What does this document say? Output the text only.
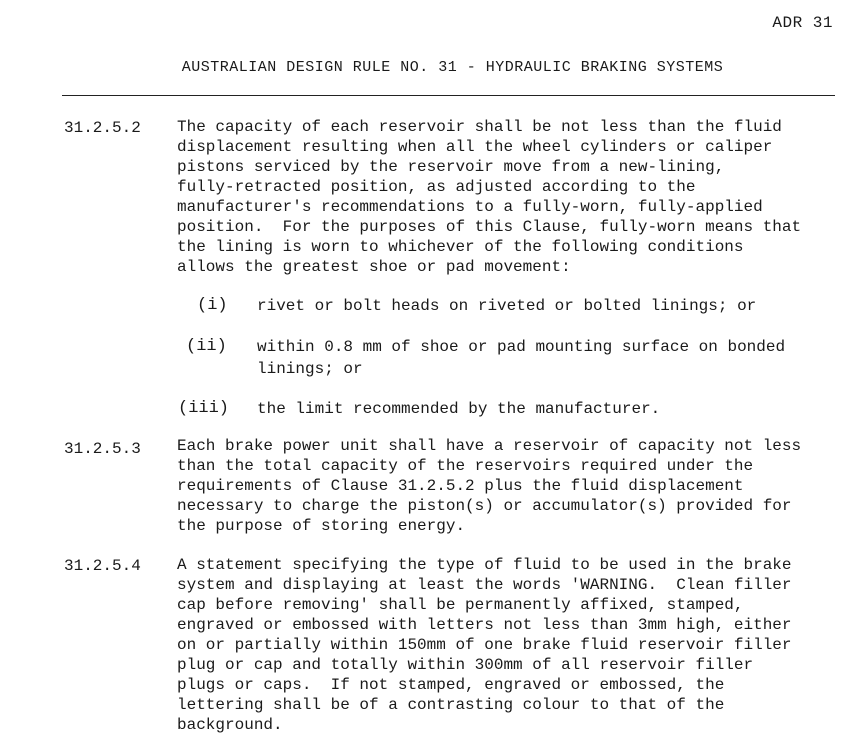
ADR 31
AUSTRALIAN DESIGN RULE NO. 31 - HYDRAULIC BRAKING SYSTEMS
31.2.5.2 The capacity of each reservoir shall be not less than the fluid
displacement resulting when all the wheel cylinders or caliper
pistons serviced by the reservoir move from a new-lining,
fully-retracted position, as adjusted according to the
manufacturer's recommendations to a fully-worn, fully-applied
position.  For the purposes of this Clause, fully-worn means that
the lining is worn to whichever of the following conditions
allows the greatest shoe or pad movement:

(i) rivet or bolt heads on riveted or bolted linings; or

(ii) within 0.8 mm of shoe or pad mounting surface on bonded
linings; or

(iii) the limit recommended by the manufacturer.

31.2.5.3 Each brake power unit shall have a reservoir of capacity not less
than the total capacity of the reservoirs required under the
requirements of Clause 31.2.5.2 plus the fluid displacement
necessary to charge the piston(s) or accumulator(s) provided for
the purpose of storing energy.

31.2.5.4 A statement specifying the type of fluid to be used in the brake
system and displaying at least the words 'WARNING.  Clean filler
cap before removing' shall be permanently affixed, stamped,
engraved or embossed with letters not less than 3mm high, either
on or partially within 150mm of one brake fluid reservoir filler
plug or cap and totally within 300mm of all reservoir filler
plugs or caps.  If not stamped, engraved or embossed, the
lettering shall be of a contrasting colour to that of the
background.
